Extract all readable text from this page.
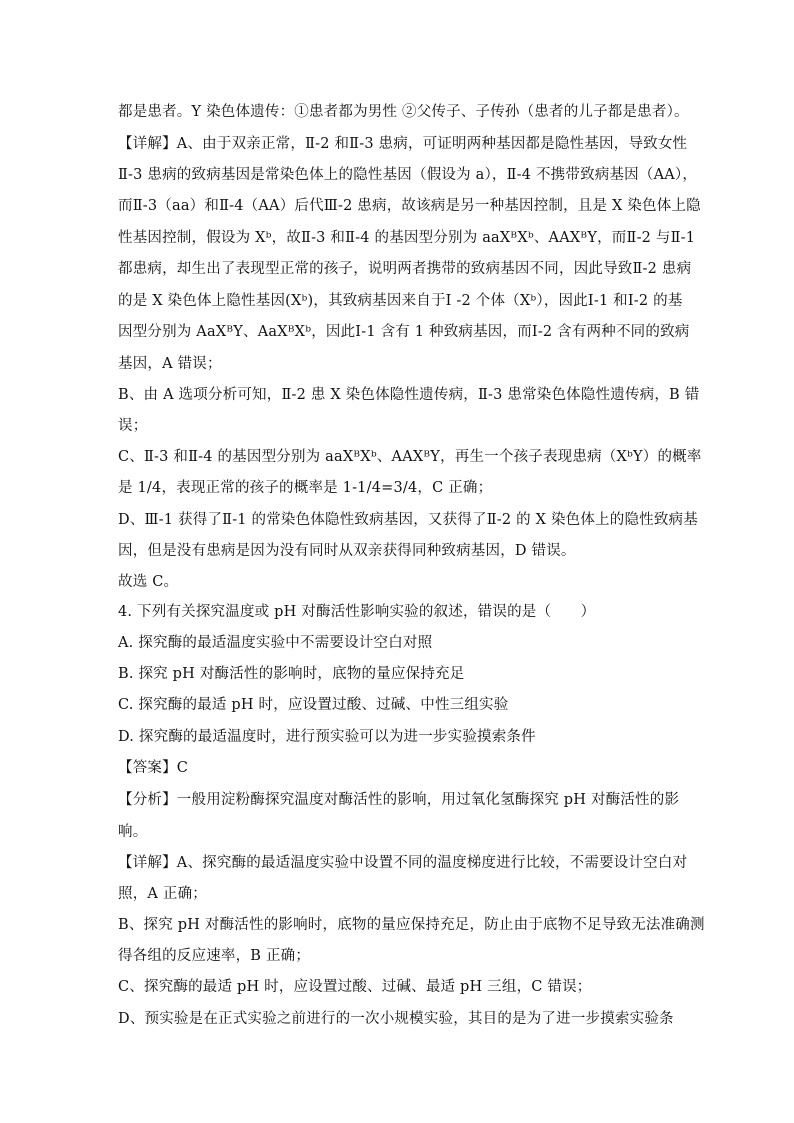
都是患者。Y 染色体遗传：①患者都为男性 ②父传子、子传孙（患者的儿子都是患者）。
【详解】A、由于双亲正常，Ⅱ-2 和Ⅱ-3 患病，可证明两种基因都是隐性基因，导致女性
Ⅱ-3 患病的致病基因是常染色体上的隐性基因（假设为 a），Ⅱ-4 不携带致病基因（AA），
而Ⅱ-3（aa）和Ⅱ-4（AA）后代Ⅲ-2 患病，故该病是另一种基因控制，且是 X 染色体上隐
性基因控制，假设为 Xᵇ，故Ⅱ-3 和Ⅱ-4 的基因型分别为 aaXᴮXᵇ、AAXᴮY，而Ⅱ-2 与Ⅱ-1
都患病，却生出了表现型正常的孩子，说明两者携带的致病基因不同，因此导致Ⅱ-2 患病
的是 X 染色体上隐性基因(Xᵇ)，其致病基因来自于Ⅰ -2 个体（Xᵇ），因此Ⅰ-1 和Ⅰ-2 的基
因型分别为 AaXᴮY、AaXᴮXᵇ，因此Ⅰ-1 含有 1 种致病基因，而Ⅰ-2 含有两种不同的致病
基因，A 错误；
B、由 A 选项分析可知，Ⅱ-2 患 X 染色体隐性遗传病，Ⅱ-3 患常染色体隐性遗传病，B 错
误；
C、Ⅱ-3 和Ⅱ-4 的基因型分别为 aaXᴮXᵇ、AAXᴮY，再生一个孩子表现患病（XᵇY）的概率
是 1/4，表现正常的孩子的概率是 1-1/4=3/4，C 正确；
D、Ⅲ-1 获得了Ⅱ-1 的常染色体隐性致病基因，又获得了Ⅱ-2 的 X 染色体上的隐性致病基
因，但是没有患病是因为没有同时从双亲获得同种致病基因，D 错误。
故选 C。
4. 下列有关探究温度或 pH 对酶活性影响实验的叙述，错误的是（　　）
A. 探究酶的最适温度实验中不需要设计空白对照
B. 探究 pH 对酶活性的影响时，底物的量应保持充足
C. 探究酶的最适 pH 时，应设置过酸、过碱、中性三组实验
D. 探究酶的最适温度时，进行预实验可以为进一步实验摸索条件
【答案】C
【分析】一般用淀粉酶探究温度对酶活性的影响，用过氧化氢酶探究 pH 对酶活性的影
响。
【详解】A、探究酶的最适温度实验中设置不同的温度梯度进行比较，不需要设计空白对
照，A 正确；
B、探究 pH 对酶活性的影响时，底物的量应保持充足，防止由于底物不足导致无法准确测
得各组的反应速率，B 正确；
C、探究酶的最适 pH 时，应设置过酸、过碱、最适 pH 三组，C 错误；
D、预实验是在正式实验之前进行的一次小规模实验，其目的是为了进一步摸索实验条
